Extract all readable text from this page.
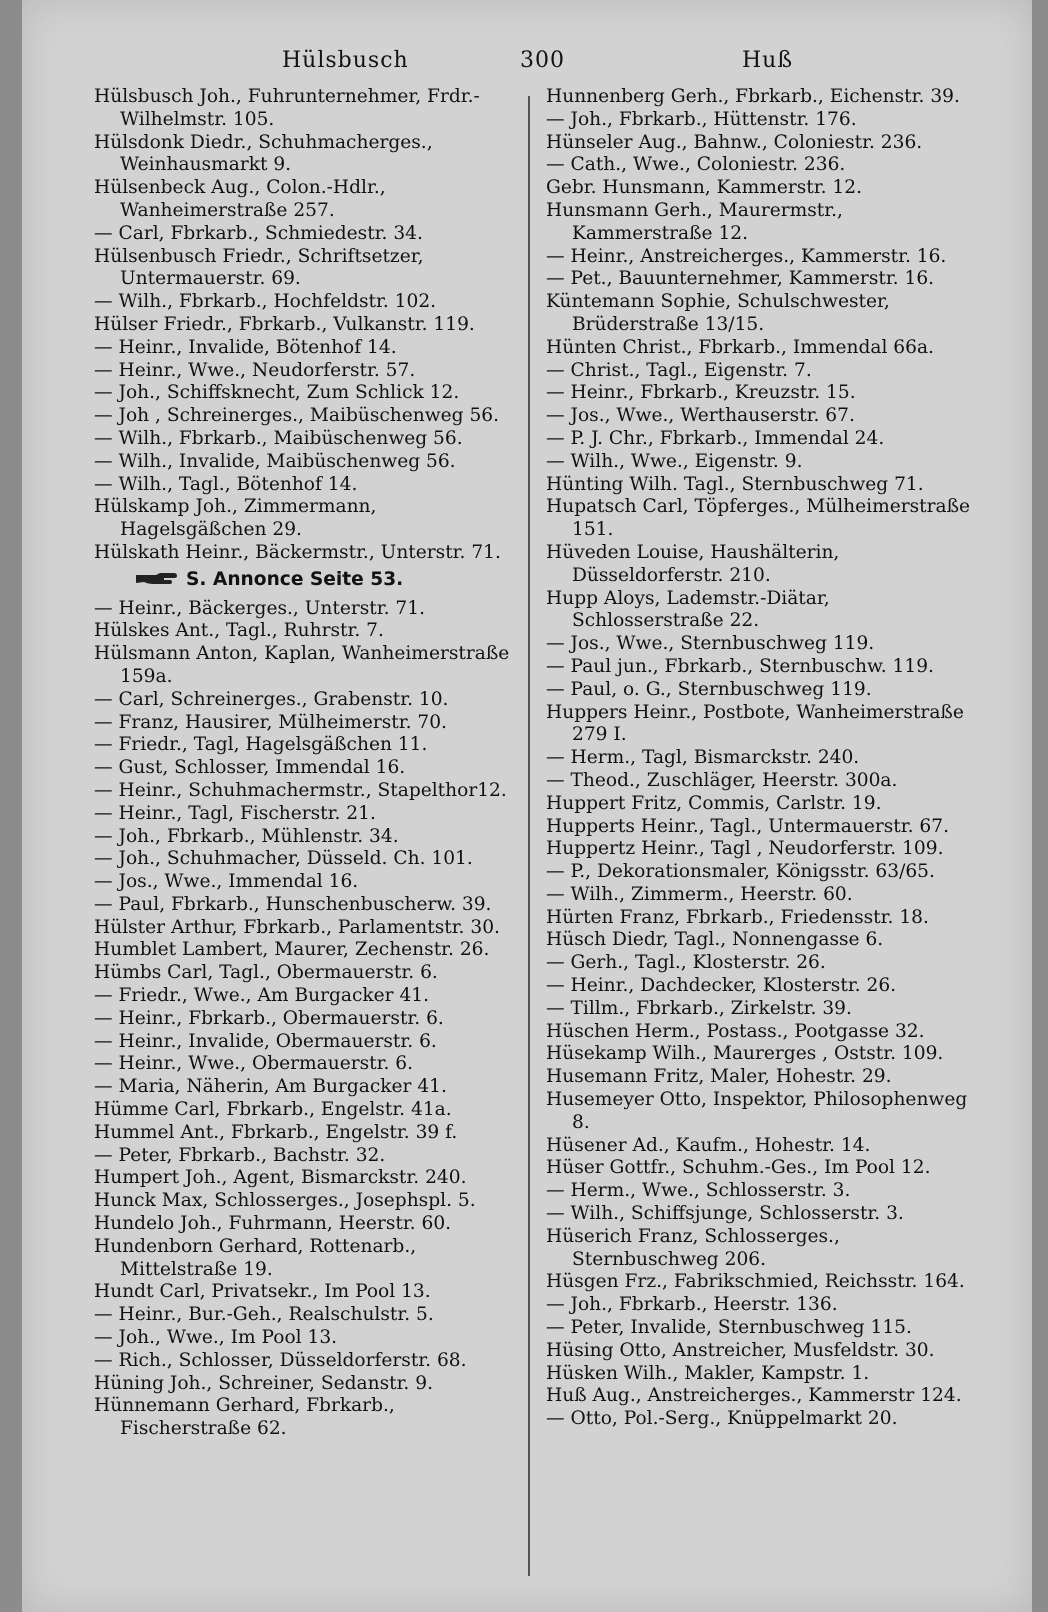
Hülsbusch	300	Huß
Hülsbusch Joh., Fuhrunternehmer, Frdr.-Wilhelmstr. 105.
Hülsdonk Diedr., Schuhmacherges., Weinhausmarkt 9.
Hülsenbeck Aug., Colon.-Hdlr., Wanheimerstraße 257.
— Carl, Fbrkarb., Schmiedestr. 34.
Hülsenbusch Friedr., Schriftsetzer, Untermauerstr. 69.
— Wilh., Fbrkarb., Hochfeldstr. 102.
Hülser Friedr., Fbrkarb., Vulkanstr. 119.
— Heinr., Invalide, Bötenhof 14.
— Heinr., Wwe., Neudorferstr. 57.
— Joh., Schiffsknecht, Zum Schlick 12.
— Joh , Schreinerges., Maibüschenweg 56.
— Wilh., Fbrkarb., Maibüschenweg 56.
— Wilh., Invalide, Maibüschenweg 56.
— Wilh., Tagl., Bötenhof 14.
Hülskamp Joh., Zimmermann, Hagelsgäßchen 29.
Hülskath Heinr., Bäckermstr., Unterstr. 71.
S. Annonce Seite 53.
— Heinr., Bäckerges., Unterstr. 71.
Hülskes Ant., Tagl., Ruhrstr. 7.
Hülsmann Anton, Kaplan, Wanheimerstraße 159a.
— Carl, Schreinerges., Grabenstr. 10.
— Franz, Hausirer, Mülheimerstr. 70.
— Friedr., Tagl, Hagelsgäßchen 11.
— Gust, Schlosser, Immendal 16.
— Heinr., Schuhmachermstr., Stapelthor12.
— Heinr., Tagl, Fischerstr. 21.
— Joh., Fbrkarb., Mühlenstr. 34.
— Joh., Schuhmacher, Düsseld. Ch. 101.
— Jos., Wwe., Immendal 16.
— Paul, Fbrkarb., Hunschenbuscherw. 39.
Hülster Arthur, Fbrkarb., Parlamentstr. 30.
Humblet Lambert, Maurer, Zechenstr. 26.
Hümbs Carl, Tagl., Obermauerstr. 6.
— Friedr., Wwe., Am Burgacker 41.
— Heinr., Fbrkarb., Obermauerstr. 6.
— Heinr., Invalide, Obermauerstr. 6.
— Heinr., Wwe., Obermauerstr. 6.
— Maria, Näherin, Am Burgacker 41.
Hümme Carl, Fbrkarb., Engelstr. 41a.
Hummel Ant., Fbrkarb., Engelstr. 39 f.
— Peter, Fbrkarb., Bachstr. 32.
Humpert Joh., Agent, Bismarckstr. 240.
Hunck Max, Schlosserges., Josephspl. 5.
Hundelo Joh., Fuhrmann, Heerstr. 60.
Hundenborn Gerhard, Rottenarb., Mittelstraße 19.
Hundt Carl, Privatsekr., Im Pool 13.
— Heinr., Bur.-Geh., Realschulstr. 5.
— Joh., Wwe., Im Pool 13.
— Rich., Schlosser, Düsseldorferstr. 68.
Hüning Joh., Schreiner, Sedanstr. 9.
Hünnemann Gerhard, Fbrkarb., Fischerstraße 62.
Hunnenberg Gerh., Fbrkarb., Eichenstr. 39.
— Joh., Fbrkarb., Hüttenstr. 176.
Hünseler Aug., Bahnw., Coloniestr. 236.
— Cath., Wwe., Coloniestr. 236.
Gebr. Hunsmann, Kammerstr. 12.
Hunsmann Gerh., Maurermstr., Kammerstraße 12.
— Heinr., Anstreicherges., Kammerstr. 16.
— Pet., Bauunternehmer, Kammerstr. 16.
Küntemann Sophie, Schulschwester, Brüderstraße 13/15.
Hünten Christ., Fbrkarb., Immendal 66a.
— Christ., Tagl., Eigenstr. 7.
— Heinr., Fbrkarb., Kreuzstr. 15.
— Jos., Wwe., Werthauserstr. 67.
— P. J. Chr., Fbrkarb., Immendal 24.
— Wilh., Wwe., Eigenstr. 9.
Hünting Wilh. Tagl., Sternbuschweg 71.
Hupatsch Carl, Töpferges., Mülheimerstraße 151.
Hüveden Louise, Haushälterin, Düsseldorferstr. 210.
Hupp Aloys, Lademstr.-Diätar, Schlosserstraße 22.
— Jos., Wwe., Sternbuschweg 119.
— Paul jun., Fbrkarb., Sternbuschw. 119.
— Paul, o. G., Sternbuschweg 119.
Huppers Heinr., Postbote, Wanheimerstraße 279 I.
— Herm., Tagl, Bismarckstr. 240.
— Theod., Zuschläger, Heerstr. 300a.
Huppert Fritz, Commis, Carlstr. 19.
Hupperts Heinr., Tagl., Untermauerstr. 67.
Huppertz Heinr., Tagl , Neudorferstr. 109.
— P., Dekorationsmaler, Königsstr. 63/65.
— Wilh., Zimmerm., Heerstr. 60.
Hürten Franz, Fbrkarb., Friedensstr. 18.
Hüsch Diedr, Tagl., Nonnengasse 6.
— Gerh., Tagl., Klosterstr. 26.
— Heinr., Dachdecker, Klosterstr. 26.
— Tillm., Fbrkarb., Zirkelstr. 39.
Hüschen Herm., Postass., Pootgasse 32.
Hüsekamp Wilh., Maurerges , Oststr. 109.
Husemann Fritz, Maler, Hohestr. 29.
Husemeyer Otto, Inspektor, Philosophenweg 8.
Hüsener Ad., Kaufm., Hohestr. 14.
Hüser Gottfr., Schuhm.-Ges., Im Pool 12.
— Herm., Wwe., Schlosserstr. 3.
— Wilh., Schiffsjunge, Schlosserstr. 3.
Hüserich Franz, Schlosserges., Sternbuschweg 206.
Hüsgen Frz., Fabrikschmied, Reichsstr. 164.
— Joh., Fbrkarb., Heerstr. 136.
— Peter, Invalide, Sternbuschweg 115.
Hüsing Otto, Anstreicher, Musfeldstr. 30.
Hüsken Wilh., Makler, Kampstr. 1.
Huß Aug., Anstreicherges., Kammerstr 124.
— Otto, Pol.-Serg., Knüppelmarkt 20.
